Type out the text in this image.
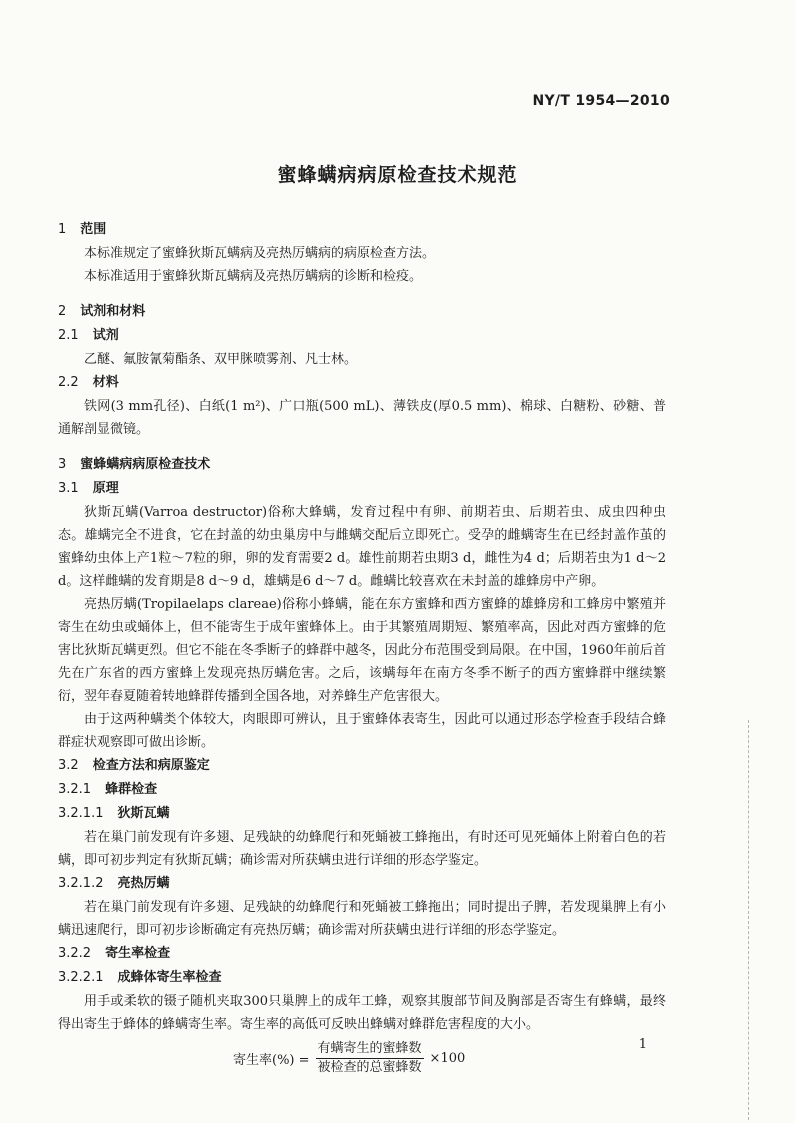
NY/T 1954—2010
蜜蜂螨病病原检查技术规范
1 范围

本标准规定了蜜蜂狄斯瓦螨病及亮热厉螨病的病原检查方法。

本标准适用于蜜蜂狄斯瓦螨病及亮热厉螨病的诊断和检疫。

2 试剂和材料
2.1 试剂

乙醚、氟胺氰菊酯条、双甲脒喷雾剂、凡士林。

2.2 材料

铁网(3 mm孔径)、白纸(1 m²)、广口瓶(500 mL)、薄铁皮(厚0.5 mm)、棉球、白糖粉、砂糖、普通解剖显微镜。

3 蜜蜂螨病病原检查技术
3.1 原理

狄斯瓦螨(Varroa destructor)俗称大蜂螨，发育过程中有卵、前期若虫、后期若虫、成虫四种虫态。雄螨完全不进食，它在封盖的幼虫巢房中与雌螨交配后立即死亡。受孕的雌螨寄生在已经封盖作茧的蜜蜂幼虫体上产1粒～7粒的卵，卵的发育需要2 d。雄性前期若虫期3 d，雌性为4 d；后期若虫为1 d～2 d。这样雌螨的发育期是8 d～9 d，雄螨是6 d～7 d。雌螨比较喜欢在未封盖的雄蜂房中产卵。

亮热厉螨(Tropilaelaps clareae)俗称小蜂螨，能在东方蜜蜂和西方蜜蜂的雄蜂房和工蜂房中繁殖并寄生在幼虫或蛹体上，但不能寄生于成年蜜蜂体上。由于其繁殖周期短、繁殖率高，因此对西方蜜蜂的危害比狄斯瓦螨更烈。但它不能在冬季断子的蜂群中越冬，因此分布范围受到局限。在中国，1960年前后首先在广东省的西方蜜蜂上发现亮热厉螨危害。之后，该螨每年在南方冬季不断子的西方蜜蜂群中继续繁衍，翌年春夏随着转地蜂群传播到全国各地，对养蜂生产危害很大。

由于这两种螨类个体较大，肉眼即可辨认，且于蜜蜂体表寄生，因此可以通过形态学检查手段结合蜂群症状观察即可做出诊断。

3.2 检查方法和病原鉴定
3.2.1 蜂群检查
3.2.1.1 狄斯瓦螨

若在巢门前发现有许多翅、足残缺的幼蜂爬行和死蛹被工蜂拖出，有时还可见死蛹体上附着白色的若螨，即可初步判定有狄斯瓦螨；确诊需对所获螨虫进行详细的形态学鉴定。

3.2.1.2 亮热厉螨

若在巢门前发现有许多翅、足残缺的幼蜂爬行和死蛹被工蜂拖出；同时提出子脾，若发现巢脾上有小螨迅速爬行，即可初步诊断确定有亮热厉螨；确诊需对所获螨虫进行详细的形态学鉴定。

3.2.2 寄生率检查
3.2.2.1 成蜂体寄生率检查

用手或柔软的镊子随机夹取300只巢脾上的成年工蜂，观察其腹部节间及胸部是否寄生有蜂螨，最终得出寄生于蜂体的蜂螨寄生率。寄生率的高低可反映出蜂螨对蜂群危害程度的大小。

寄生率(%) = $\frac{\text{有螨寄生的蜜蜂数}}{\text{被检查的总蜜蜂数}} \times 100$
1
